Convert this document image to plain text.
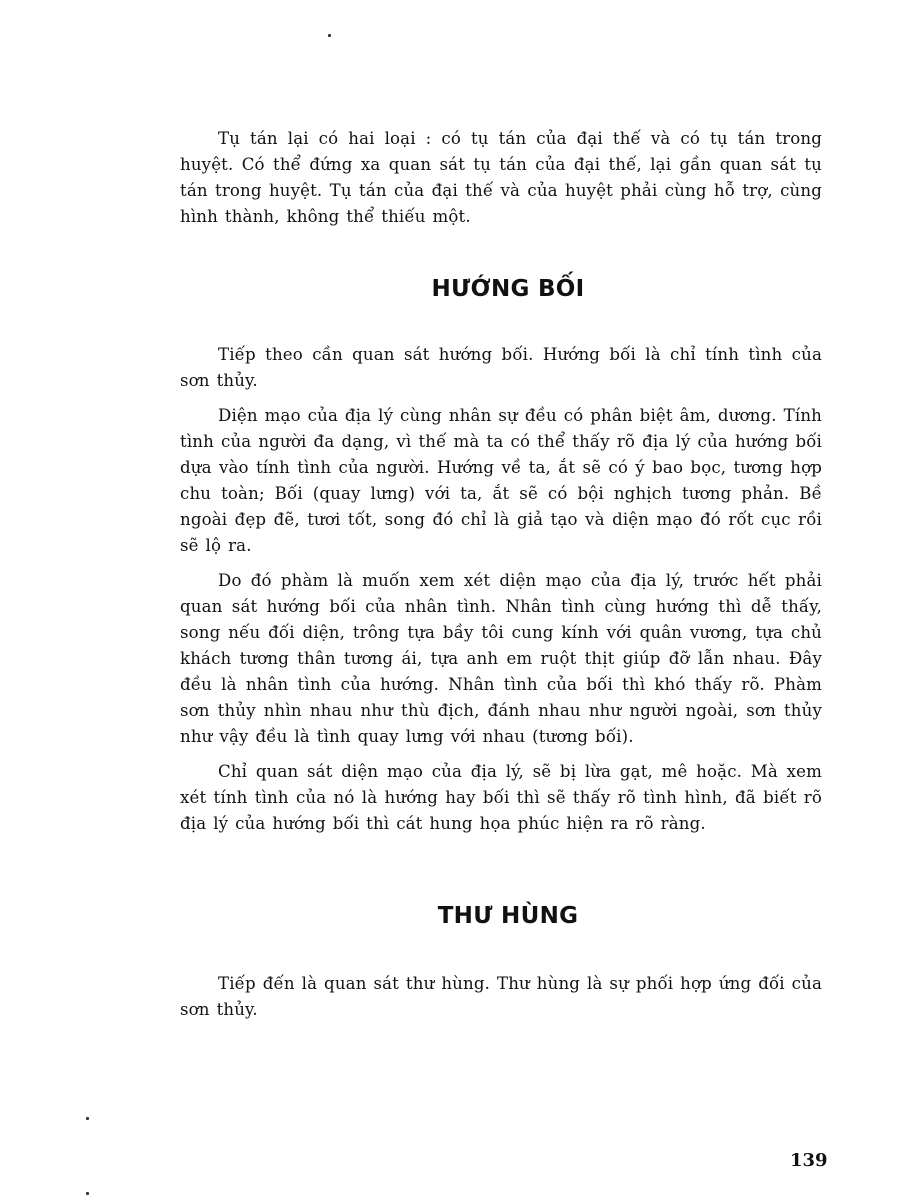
Tụ tán lại có hai loại : có tụ tán của đại thế và có tụ tán trong huyệt. Có thể đứng xa quan sát tụ tán của đại thế, lại gần quan sát tụ tán trong huyệt. Tụ tán của đại thế và của huyệt phải cùng hỗ trợ, cùng hình thành, không thể thiếu một.

HƯỚNG BỐI

Tiếp theo cần quan sát hướng bối. Hướng bối là chỉ tính tình của sơn thủy.

Diện mạo của địa lý cùng nhân sự đều có phân biệt âm, dương. Tính tình của người đa dạng, vì thế mà ta có thể thấy rõ địa lý của hướng bối dựa vào tính tình của người. Hướng về ta, ắt sẽ có ý bao bọc, tương hợp chu toàn; Bối (quay lưng) với ta, ắt sẽ có bội nghịch tương phản. Bề ngoài đẹp đẽ, tươi tốt, song đó chỉ là giả tạo và diện mạo đó rốt cục rồi sẽ lộ ra.

Do đó phàm là muốn xem xét diện mạo của địa lý, trước hết phải quan sát hướng bối của nhân tình. Nhân tình cùng hướng thì dễ thấy, song nếu đối diện, trông tựa bầy tôi cung kính với quân vương, tựa chủ khách tương thân tương ái, tựa anh em ruột thịt giúp đỡ lẫn nhau. Đây đều là nhân tình của hướng. Nhân tình của bối thì khó thấy rõ. Phàm sơn thủy nhìn nhau như thù địch, đánh nhau như người ngoài, sơn thủy như vậy đều là tình quay lưng với nhau (tương bối).

Chỉ quan sát diện mạo của địa lý, sẽ bị lừa gạt, mê hoặc. Mà xem xét tính tình của nó là hướng hay bối thì sẽ thấy rõ tình hình, đã biết rõ địa lý của hướng bối thì cát hung họa phúc hiện ra rõ ràng.

THƯ HÙNG

Tiếp đến là quan sát thư hùng. Thư hùng là sự phối hợp ứng đối của sơn thủy.

139
